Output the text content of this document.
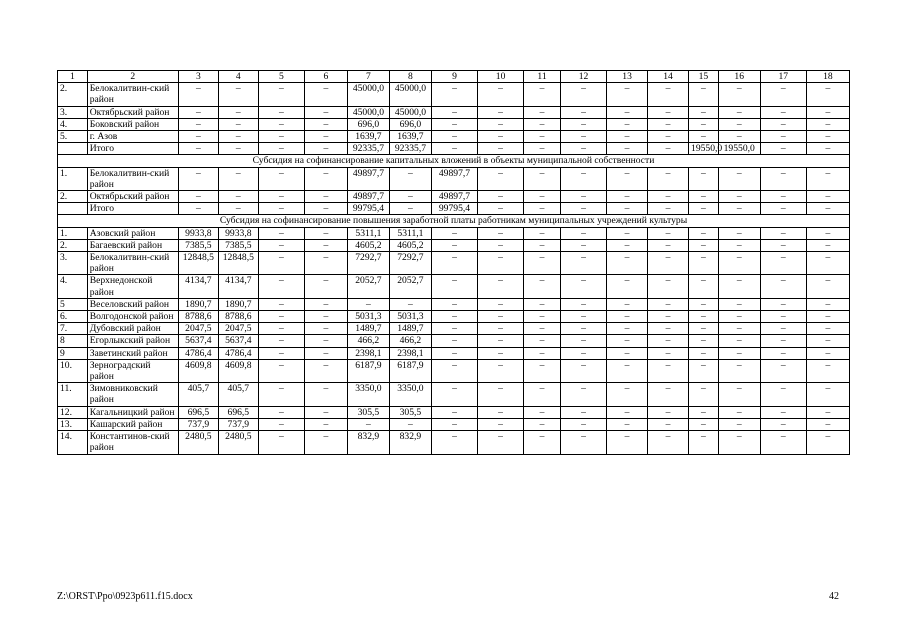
1	2	3	4	5	6	7	8	9	10	11	12	13	14	15	16	17	18
2.	Белокалитвин-ский район	–	–	–	–	45000,0	45000,0	–	–	–	–	–	–	–	–	–	–
3.	Октябрьский район	–	–	–	–	45000,0	45000,0	–	–	–	–	–	–	–	–	–	–
4.	Боковский район	–	–	–	–	696,0	696,0	–	–	–	–	–	–	–	–	–	–
5.	г. Азов	–	–	–	–	1639,7	1639,7	–	–	–	–	–	–	–	–	–	–
	Итого	–	–	–	–	92335,7	92335,7	–	–	–	–	–	–	19550,0	19550,0	–	–
Субсидия на софинансирование капитальных вложений в объекты муниципальной собственности																	
1.	Белокалитвин-ский район	–	–	–	–	49897,7	–	49897,7	–	–	–	–	–	–	–	–	–
2.	Октябрьский район	–	–	–	–	49897,7	–	49897,7	–	–	–	–	–	–	–	–	–
	Итого	–	–	–	–	99795,4	–	99795,4	–	–	–	–	–	–	–	–	–
Субсидия на софинансирование повышения заработной платы работникам муниципальных учреждений культуры																	
1.	Азовский район	9933,8	9933,8	–	–	5311,1	5311,1	–	–	–	–	–	–	–	–	–	–
2.	Багаевский район	7385,5	7385,5	–	–	4605,2	4605,2	–	–	–	–	–	–	–	–	–	–
3.	Белокалитвин-ский район	12848,5	12848,5	–	–	7292,7	7292,7	–	–	–	–	–	–	–	–	–	–
4.	Верхнедонской район	4134,7	4134,7	–	–	2052,7	2052,7	–	–	–	–	–	–	–	–	–	–
5	Веселовский район	1890,7	1890,7	–	–	–	–	–	–	–	–	–	–	–	–	–	–
6.	Волгодонской район	8788,6	8788,6	–	–	5031,3	5031,3	–	–	–	–	–	–	–	–	–	–
7.	Дубовский район	2047,5	2047,5	–	–	1489,7	1489,7	–	–	–	–	–	–	–	–	–	–
8	Егорлыкский район	5637,4	5637,4	–	–	466,2	466,2	–	–	–	–	–	–	–	–	–	–
9	Заветинский район	4786,4	4786,4	–	–	2398,1	2398,1	–	–	–	–	–	–	–	–	–	–
10.	Зерноградский район	4609,8	4609,8	–	–	6187,9	6187,9	–	–	–	–	–	–	–	–	–	–
11.	Зимовниковский район	405,7	405,7	–	–	3350,0	3350,0	–	–	–	–	–	–	–	–	–	–
12.	Кагальницкий район	696,5	696,5	–	–	305,5	305,5	–	–	–	–	–	–	–	–	–	–
13.	Кашарский район	737,9	737,9	–	–	–	–	–	–	–	–	–	–	–	–	–	–
14.	Константинов-ский район	2480,5	2480,5	–	–	832,9	832,9	–	–	–	–	–	–	–	–	–	–
Z:\ORST\Ppo\0923p611.f15.docx	42
